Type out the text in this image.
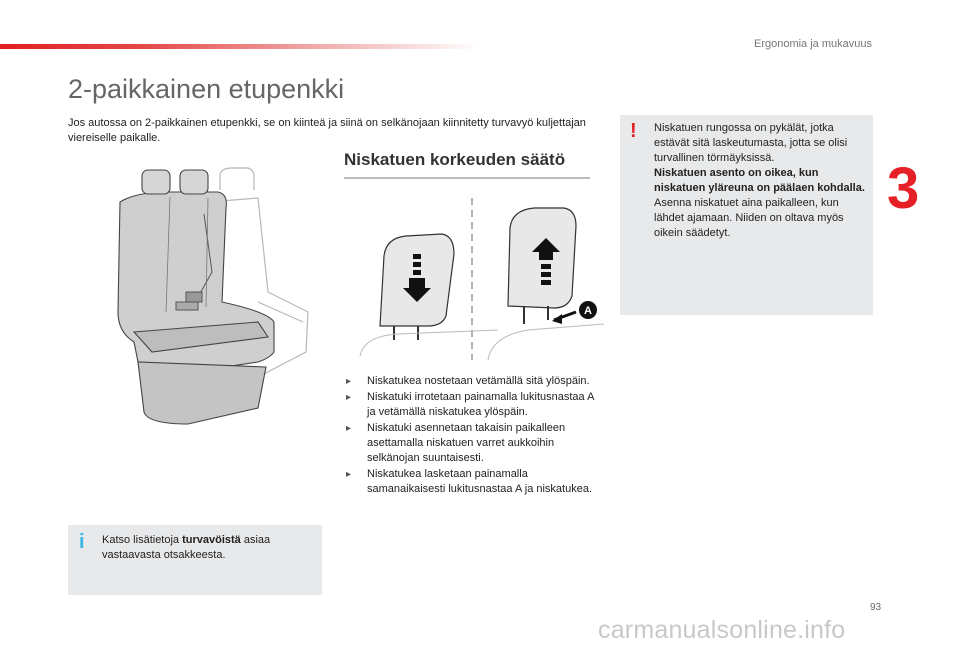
Ergonomia ja mukavuus
3
2-paikkainen etupenkki
Jos autossa on 2-paikkainen etupenkki, se on kiinteä ja siinä on selkänojaan kiinnitetty turvavyö kuljettajan viereiselle paikalle.
Niskatuen korkeuden säätö
A
! Niskatuen rungossa on pykälät, jotka estävät sitä laskeutumasta, jotta se olisi turvallinen törmäyksissä.
Niskatuen asento on oikea, kun niskatuen yläreuna on päälaen kohdalla.
Asenna niskatuet aina paikalleen, kun lähdet ajamaan. Niiden on oltava myös oikein säädetyt.
▸ Niskatukea nostetaan vetämällä sitä ylöspäin.
▸ Niskatuki irrotetaan painamalla lukitusnastaa A ja vetämällä niskatukea ylöspäin.
▸ Niskatuki asennetaan takaisin paikalleen asettamalla niskatuen varret aukkoihin selkänojan suuntaisesti.
▸ Niskatukea lasketaan painamalla samanaikaisesti lukitusnastaa A ja niskatukea.
i Katso lisätietoja turvavöistä asiaa vastaavasta otsakkeesta.
93
carmanualsonline.info
